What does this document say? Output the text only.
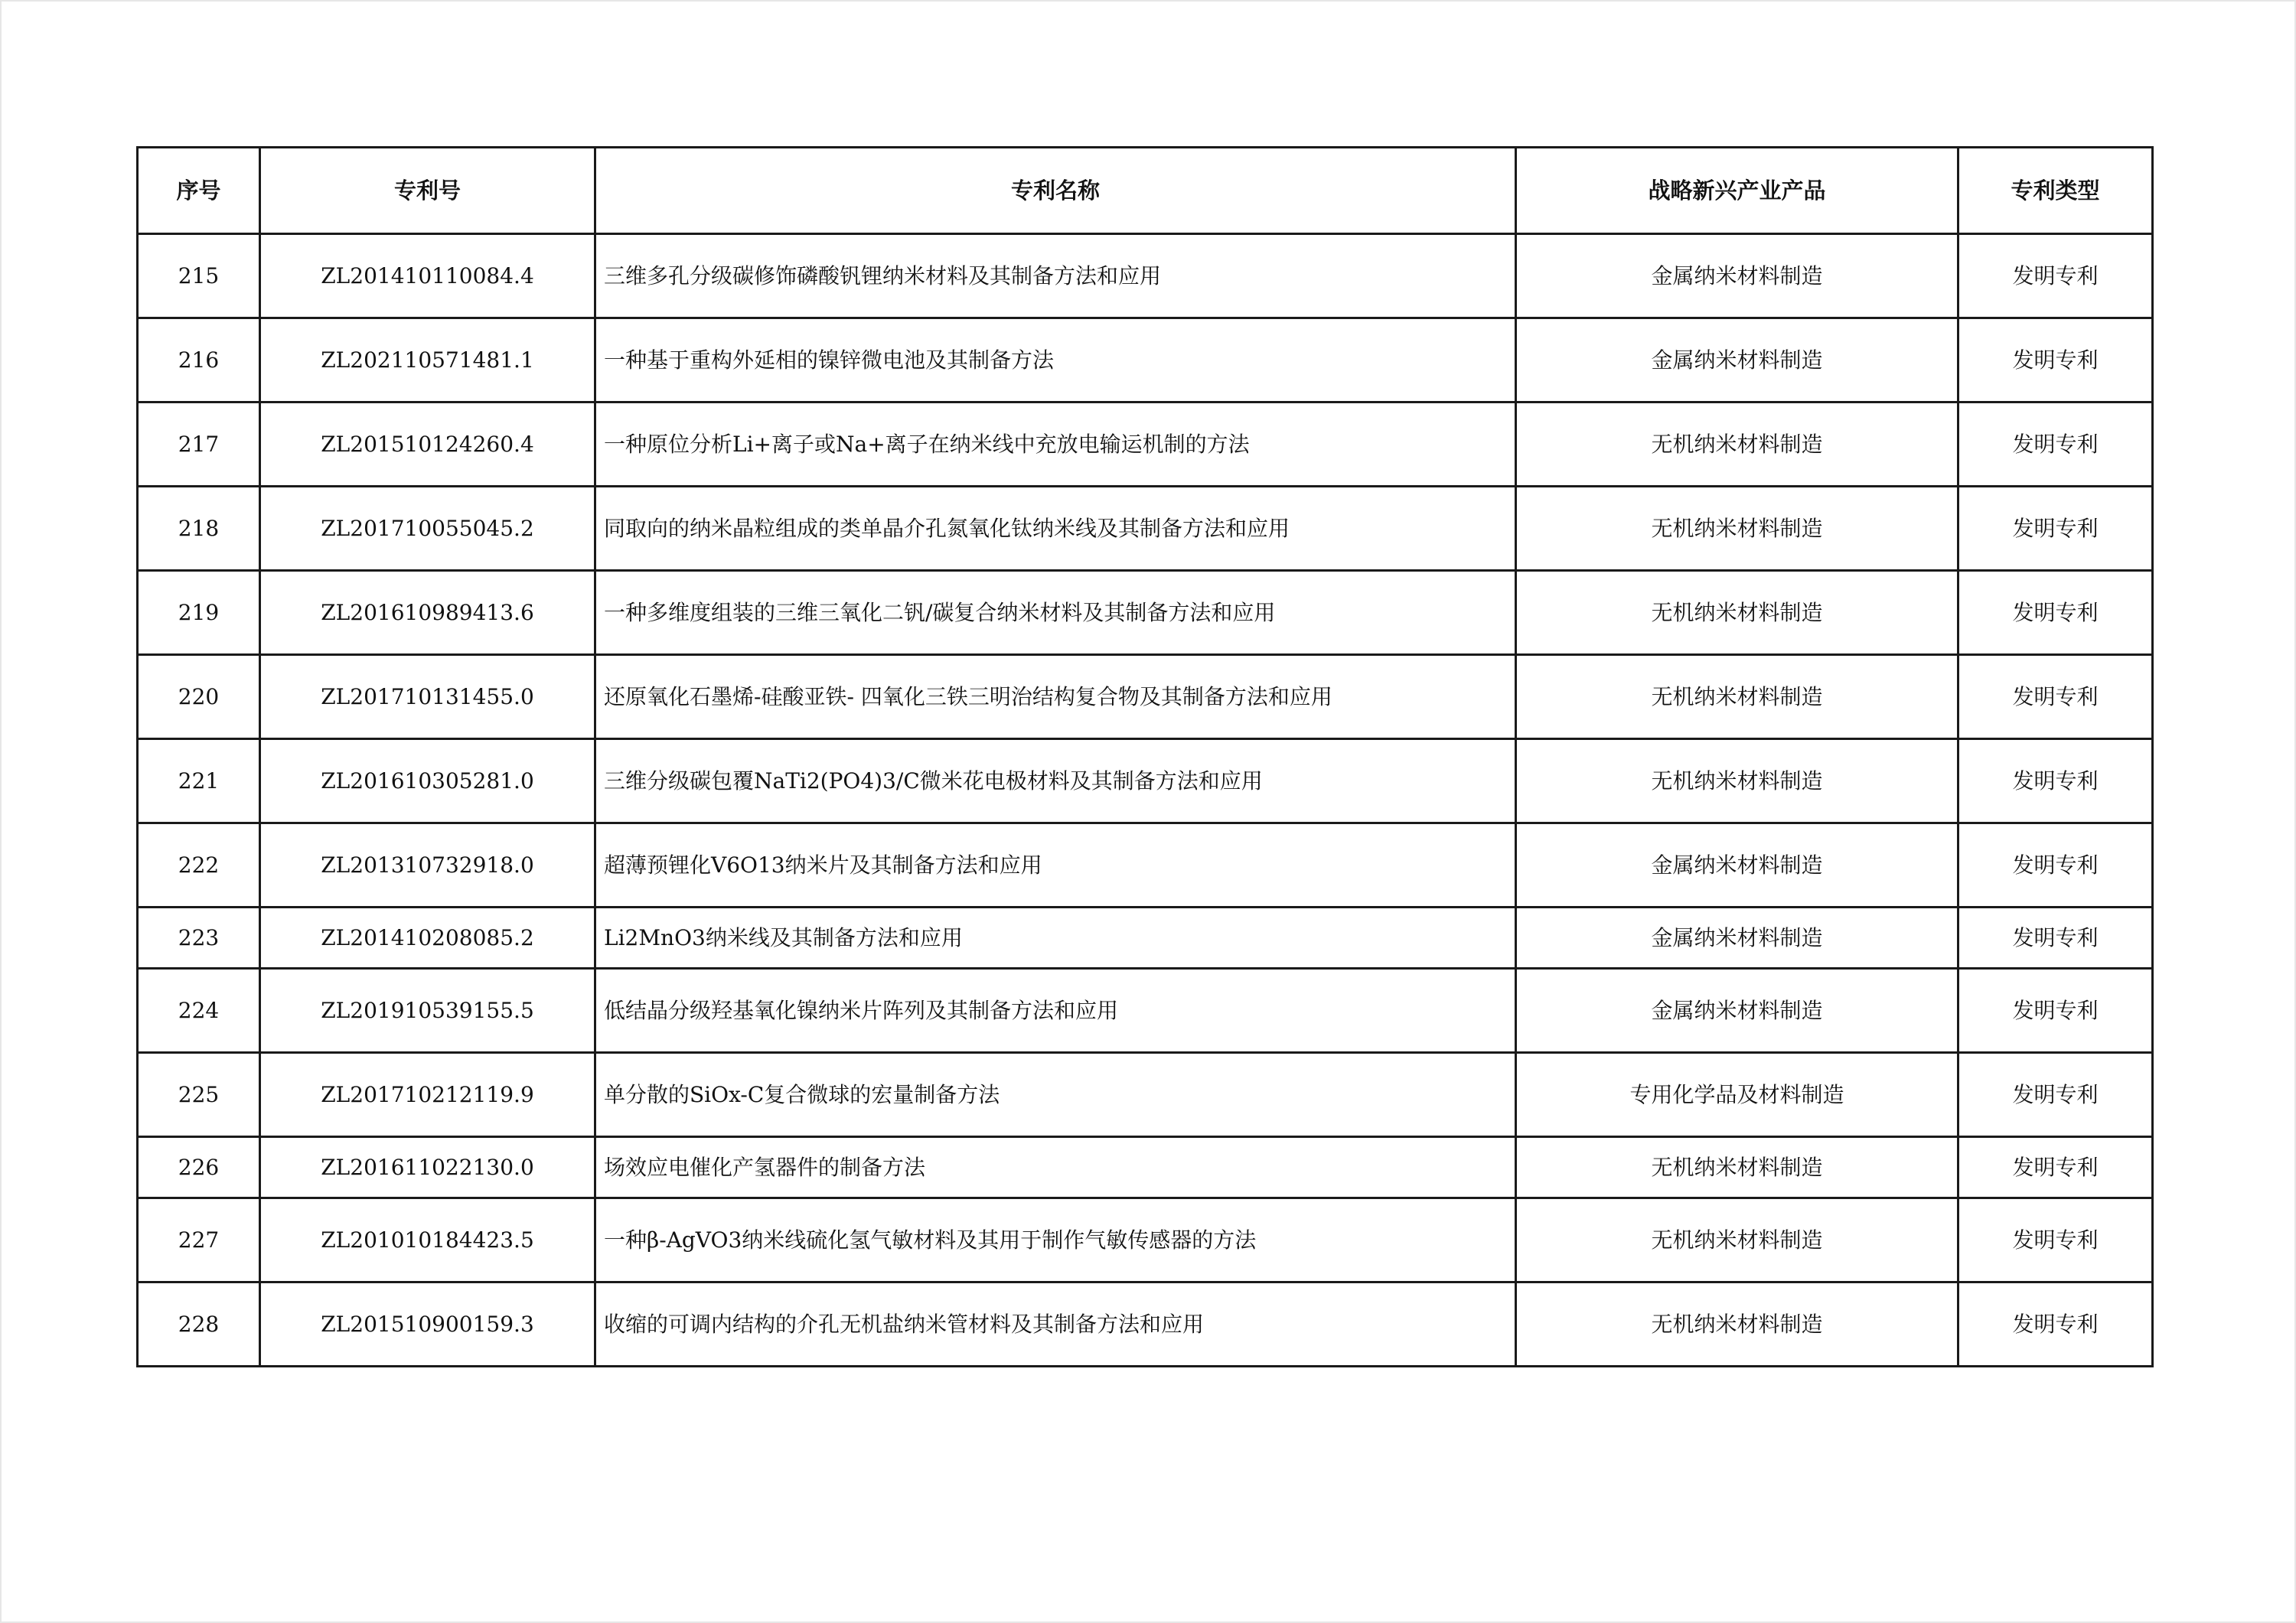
序号	专利号	专利名称	战略新兴产业产品	专利类型
215	ZL201410110084.4	三维多孔分级碳修饰磷酸钒锂纳米材料及其制备方法和应用	金属纳米材料制造	发明专利
216	ZL202110571481.1	一种基于重构外延相的镍锌微电池及其制备方法	金属纳米材料制造	发明专利
217	ZL201510124260.4	一种原位分析Li+离子或Na+离子在纳米线中充放电输运机制的方法	无机纳米材料制造	发明专利
218	ZL201710055045.2	同取向的纳米晶粒组成的类单晶介孔氮氧化钛纳米线及其制备方法和应用	无机纳米材料制造	发明专利
219	ZL201610989413.6	一种多维度组装的三维三氧化二钒/碳复合纳米材料及其制备方法和应用	无机纳米材料制造	发明专利
220	ZL201710131455.0	还原氧化石墨烯-硅酸亚铁- 四氧化三铁三明治结构复合物及其制备方法和应用	无机纳米材料制造	发明专利
221	ZL201610305281.0	三维分级碳包覆NaTi2(PO4)3/C微米花电极材料及其制备方法和应用	无机纳米材料制造	发明专利
222	ZL201310732918.0	超薄预锂化V6O13纳米片及其制备方法和应用	金属纳米材料制造	发明专利
223	ZL201410208085.2	Li2MnO3纳米线及其制备方法和应用	金属纳米材料制造	发明专利
224	ZL201910539155.5	低结晶分级羟基氧化镍纳米片阵列及其制备方法和应用	金属纳米材料制造	发明专利
225	ZL201710212119.9	单分散的SiOx-C复合微球的宏量制备方法	专用化学品及材料制造	发明专利
226	ZL201611022130.0	场效应电催化产氢器件的制备方法	无机纳米材料制造	发明专利
227	ZL201010184423.5	一种β-AgVO3纳米线硫化氢气敏材料及其用于制作气敏传感器的方法	无机纳米材料制造	发明专利
228	ZL201510900159.3	收缩的可调内结构的介孔无机盐纳米管材料及其制备方法和应用	无机纳米材料制造	发明专利
